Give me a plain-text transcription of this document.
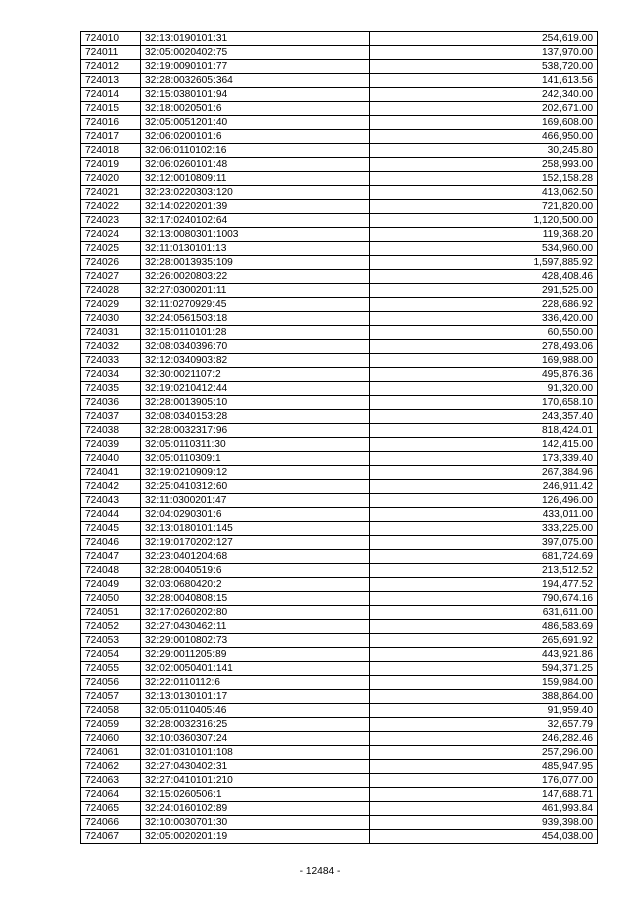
724010	32:13:0190101:31	254,619.00
724011	32:05:0020402:75	137,970.00
724012	32:19:0090101:77	538,720.00
724013	32:28:0032605:364	141,613.56
724014	32:15:0380101:94	242,340.00
724015	32:18:0020501:6	202,671.00
724016	32:05:0051201:40	169,608.00
724017	32:06:0200101:6	466,950.00
724018	32:06:0110102:16	30,245.80
724019	32:06:0260101:48	258,993.00
724020	32:12:0010809:11	152,158.28
724021	32:23:0220303:120	413,062.50
724022	32:14:0220201:39	721,820.00
724023	32:17:0240102:64	1,120,500.00
724024	32:13:0080301:1003	119,368.20
724025	32:11:0130101:13	534,960.00
724026	32:28:0013935:109	1,597,885.92
724027	32:26:0020803:22	428,408.46
724028	32:27:0300201:11	291,525.00
724029	32:11:0270929:45	228,686.92
724030	32:24:0561503:18	336,420.00
724031	32:15:0110101:28	60,550.00
724032	32:08:0340396:70	278,493.06
724033	32:12:0340903:82	169,988.00
724034	32:30:0021107:2	495,876.36
724035	32:19:0210412:44	91,320.00
724036	32:28:0013905:10	170,658.10
724037	32:08:0340153:28	243,357.40
724038	32:28:0032317:96	818,424.01
724039	32:05:0110311:30	142,415.00
724040	32:05:0110309:1	173,339.40
724041	32:19:0210909:12	267,384.96
724042	32:25:0410312:60	246,911.42
724043	32:11:0300201:47	126,496.00
724044	32:04:0290301:6	433,011.00
724045	32:13:0180101:145	333,225.00
724046	32:19:0170202:127	397,075.00
724047	32:23:0401204:68	681,724.69
724048	32:28:0040519:6	213,512.52
724049	32:03:0680420:2	194,477.52
724050	32:28:0040808:15	790,674.16
724051	32:17:0260202:80	631,611.00
724052	32:27:0430462:11	486,583.69
724053	32:29:0010802:73	265,691.92
724054	32:29:0011205:89	443,921.86
724055	32:02:0050401:141	594,371.25
724056	32:22:0110112:6	159,984.00
724057	32:13:0130101:17	388,864.00
724058	32:05:0110405:46	91,959.40
724059	32:28:0032316:25	32,657.79
724060	32:10:0360307:24	246,282.46
724061	32:01:0310101:108	257,296.00
724062	32:27:0430402:31	485,947.95
724063	32:27:0410101:210	176,077.00
724064	32:15:0260506:1	147,688.71
724065	32:24:0160102:89	461,993.84
724066	32:10:0030701:30	939,398.00
724067	32:05:0020201:19	454,038.00
- 12484 -
